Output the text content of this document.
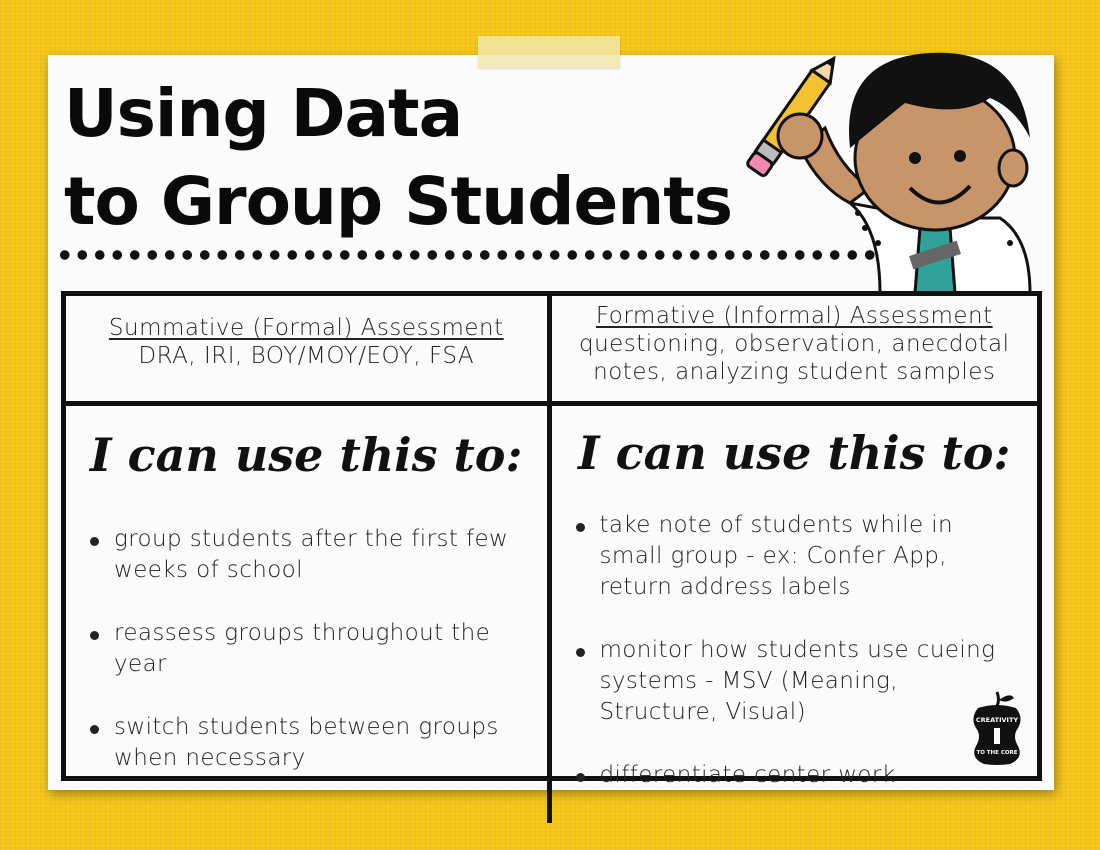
Using Data
to Group Students
Summative (Formal) Assessment
DRA, IRI, BOY/MOY/EOY, FSA
Formative (Informal) Assessment
questioning, observation, anecdotal
notes, analyzing student samples

I can use this to:

group students after the first few weeks of school
reassess groups throughout the year
switch students between groups when necessary

I can use this to:

take note of students while in small group - ex: Confer App, return address labels
monitor how students use cueing systems - MSV (Meaning, Structure, Visual)
differentiate center work
CREATIVITY
TO THE CORE
